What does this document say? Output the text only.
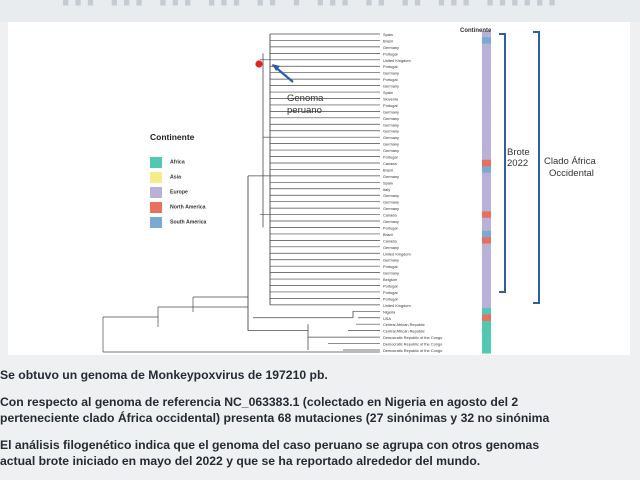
··· ··· ··· ··· ·· · ··· ·· ·· ··· ······
Spain
Brazil
Germany
Portugal
United Kingdom
Portugal
Germany
Portugal
Germany
Spain
Slovenia
Portugal
Germany
Germany
Germany
Germany
Germany
Germany
Germany
Portugal
Canada
Brazil
Germany
Spain
Italy
Germany
Germany
Germany
Canada
Germany
Portugal
Brazil
Canada
Germany
United Kingdom
Germany
Portugal
Germany
Belgium
Portugal
Portugal
Portugal
United Kingdom
Nigeria
USA
Central African Republic
Central African Republic
Democratic Republic of the Congo
Democratic Republic of the Congo
Democratic Republic of the Congo
Continente
Genoma
peruano
Continente
Africa
Asia
Europe
North America
South America
Brote
2022 Clado África
Occidental
Se obtuvo un genoma de Monkeypoxvirus de 197210 pb.
Con respecto al genoma de referencia NC_063383.1 (colectado en Nigeria en agosto del 2
perteneciente clado África occidental) presenta 68 mutaciones (27 sinónimas y 32 no sinónima
El análisis filogenético indica que el genoma del caso peruano se agrupa con otros genomas
actual brote iniciado en mayo del 2022 y que se ha reportado alrededor del mundo.
